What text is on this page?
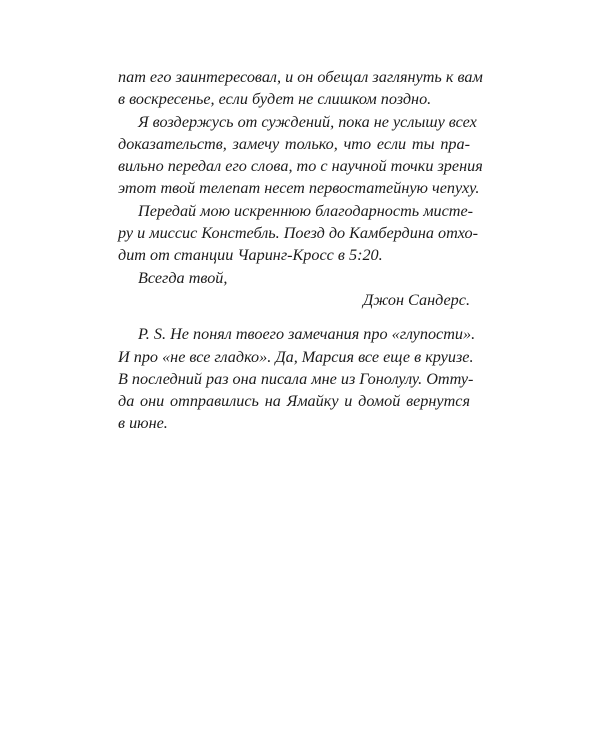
пат его заинтересовал, и он обещал заглянуть к вам
в воскресенье, если будет не слишком поздно.
Я воздержусь от суждений, пока не услышу всех
доказательств, замечу только, что если ты пра-
вильно передал его слова, то с научной точки зрения
этот твой телепат несет первостатейную чепуху.
Передай мою искреннюю благодарность мисте-
ру и миссис Констебль. Поезд до Камбердина отхо-
дит от станции Чаринг-Кросс в 5:20.
Всегда твой,
Джон Сандерс.
P. S. Не понял твоего замечания про «глупости».
И про «не все гладко». Да, Марсия все еще в круизе.
В последний раз она писала мне из Гонолулу. Отту-
да они отправились на Ямайку и домой вернутся
в июне.
